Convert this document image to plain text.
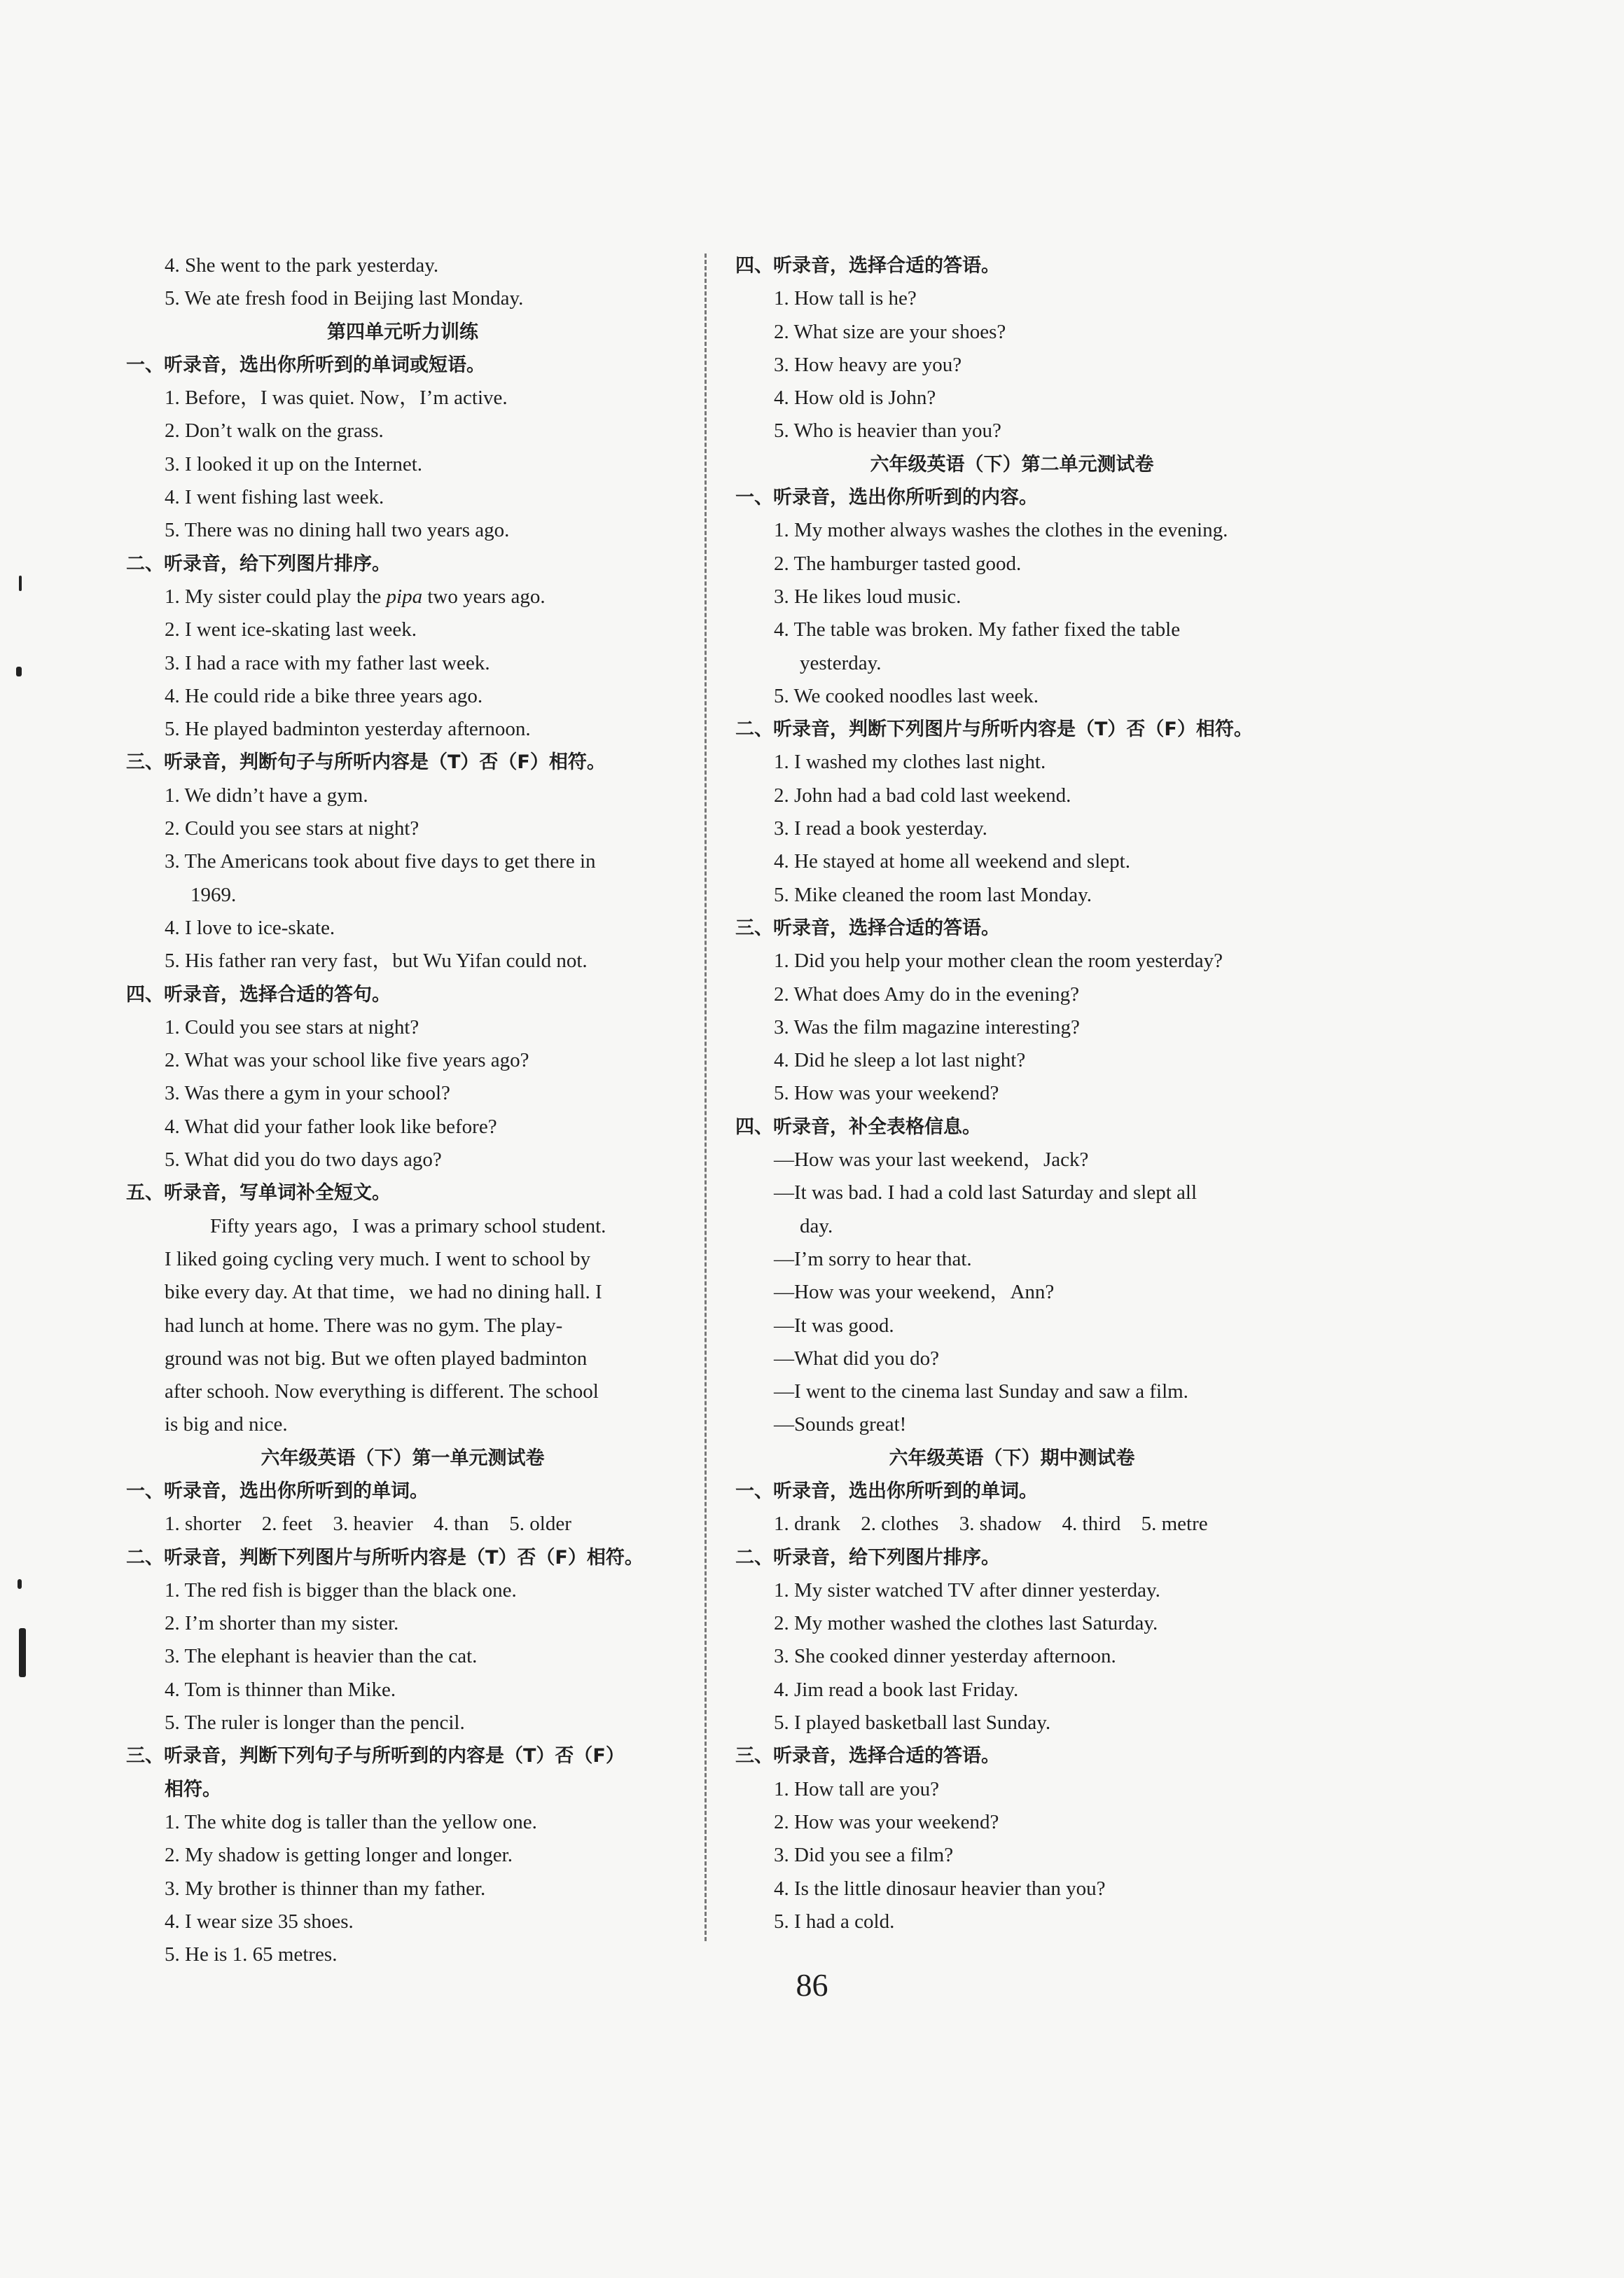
4. She went to the park yesterday.
5. We ate fresh food in Beijing last Monday.
第四单元听力训练
一、听录音，选出你所听到的单词或短语。
1. Before，I was quiet. Now，I’m active.
2. Don’t walk on the grass.
3. I looked it up on the Internet.
4. I went fishing last week.
5. There was no dining hall two years ago.
二、听录音，给下列图片排序。
1. My sister could play the pipa two years ago.
2. I went ice-skating last week.
3. I had a race with my father last week.
4. He could ride a bike three years ago.
5. He played badminton yesterday afternoon.
三、听录音，判断句子与所听内容是（T）否（F）相符。
1. We didn’t have a gym.
2. Could you see stars at night?
3. The Americans took about five days to get there in
1969.
4. I love to ice-skate.
5. His father ran very fast，but Wu Yifan could not.
四、听录音，选择合适的答句。
1. Could you see stars at night?
2. What was your school like five years ago?
3. Was there a gym in your school?
4. What did your father look like before?
5. What did you do two days ago?
五、听录音，写单词补全短文。
Fifty years ago，I was a primary school student.
I liked going cycling very much. I went to school by
bike every day. At that time，we had no dining hall. I
had lunch at home. There was no gym. The play-
ground was not big. But we often played badminton
after schooh. Now everything is different. The school
is big and nice.
六年级英语（下）第一单元测试卷
一、听录音，选出你所听到的单词。
1. shorter 2. feet 3. heavier 4. than 5. older
二、听录音，判断下列图片与所听内容是（T）否（F）相符。
1. The red fish is bigger than the black one.
2. I’m shorter than my sister.
3. The elephant is heavier than the cat.
4. Tom is thinner than Mike.
5. The ruler is longer than the pencil.
三、听录音，判断下列句子与所听到的内容是（T）否（F）
相符。
1. The white dog is taller than the yellow one.
2. My shadow is getting longer and longer.
3. My brother is thinner than my father.
4. I wear size 35 shoes.
5. He is 1. 65 metres.
四、听录音，选择合适的答语。
1. How tall is he?
2. What size are your shoes?
3. How heavy are you?
4. How old is John?
5. Who is heavier than you?
六年级英语（下）第二单元测试卷
一、听录音，选出你所听到的内容。
1. My mother always washes the clothes in the evening.
2. The hamburger tasted good.
3. He likes loud music.
4. The table was broken. My father fixed the table
yesterday.
5. We cooked noodles last week.
二、听录音，判断下列图片与所听内容是（T）否（F）相符。
1. I washed my clothes last night.
2. John had a bad cold last weekend.
3. I read a book yesterday.
4. He stayed at home all weekend and slept.
5. Mike cleaned the room last Monday.
三、听录音，选择合适的答语。
1. Did you help your mother clean the room yesterday?
2. What does Amy do in the evening?
3. Was the film magazine interesting?
4. Did he sleep a lot last night?
5. How was your weekend?
四、听录音，补全表格信息。
—How was your last weekend，Jack?
—It was bad. I had a cold last Saturday and slept all
day.
—I’m sorry to hear that.
—How was your weekend，Ann?
—It was good.
—What did you do?
—I went to the cinema last Sunday and saw a film.
—Sounds great!
六年级英语（下）期中测试卷
一、听录音，选出你所听到的单词。
1. drank 2. clothes 3. shadow 4. third 5. metre
二、听录音，给下列图片排序。
1. My sister watched TV after dinner yesterday.
2. My mother washed the clothes last Saturday.
3. She cooked dinner yesterday afternoon.
4. Jim read a book last Friday.
5. I played basketball last Sunday.
三、听录音，选择合适的答语。
1. How tall are you?
2. How was your weekend?
3. Did you see a film?
4. Is the little dinosaur heavier than you?
5. I had a cold.
86
